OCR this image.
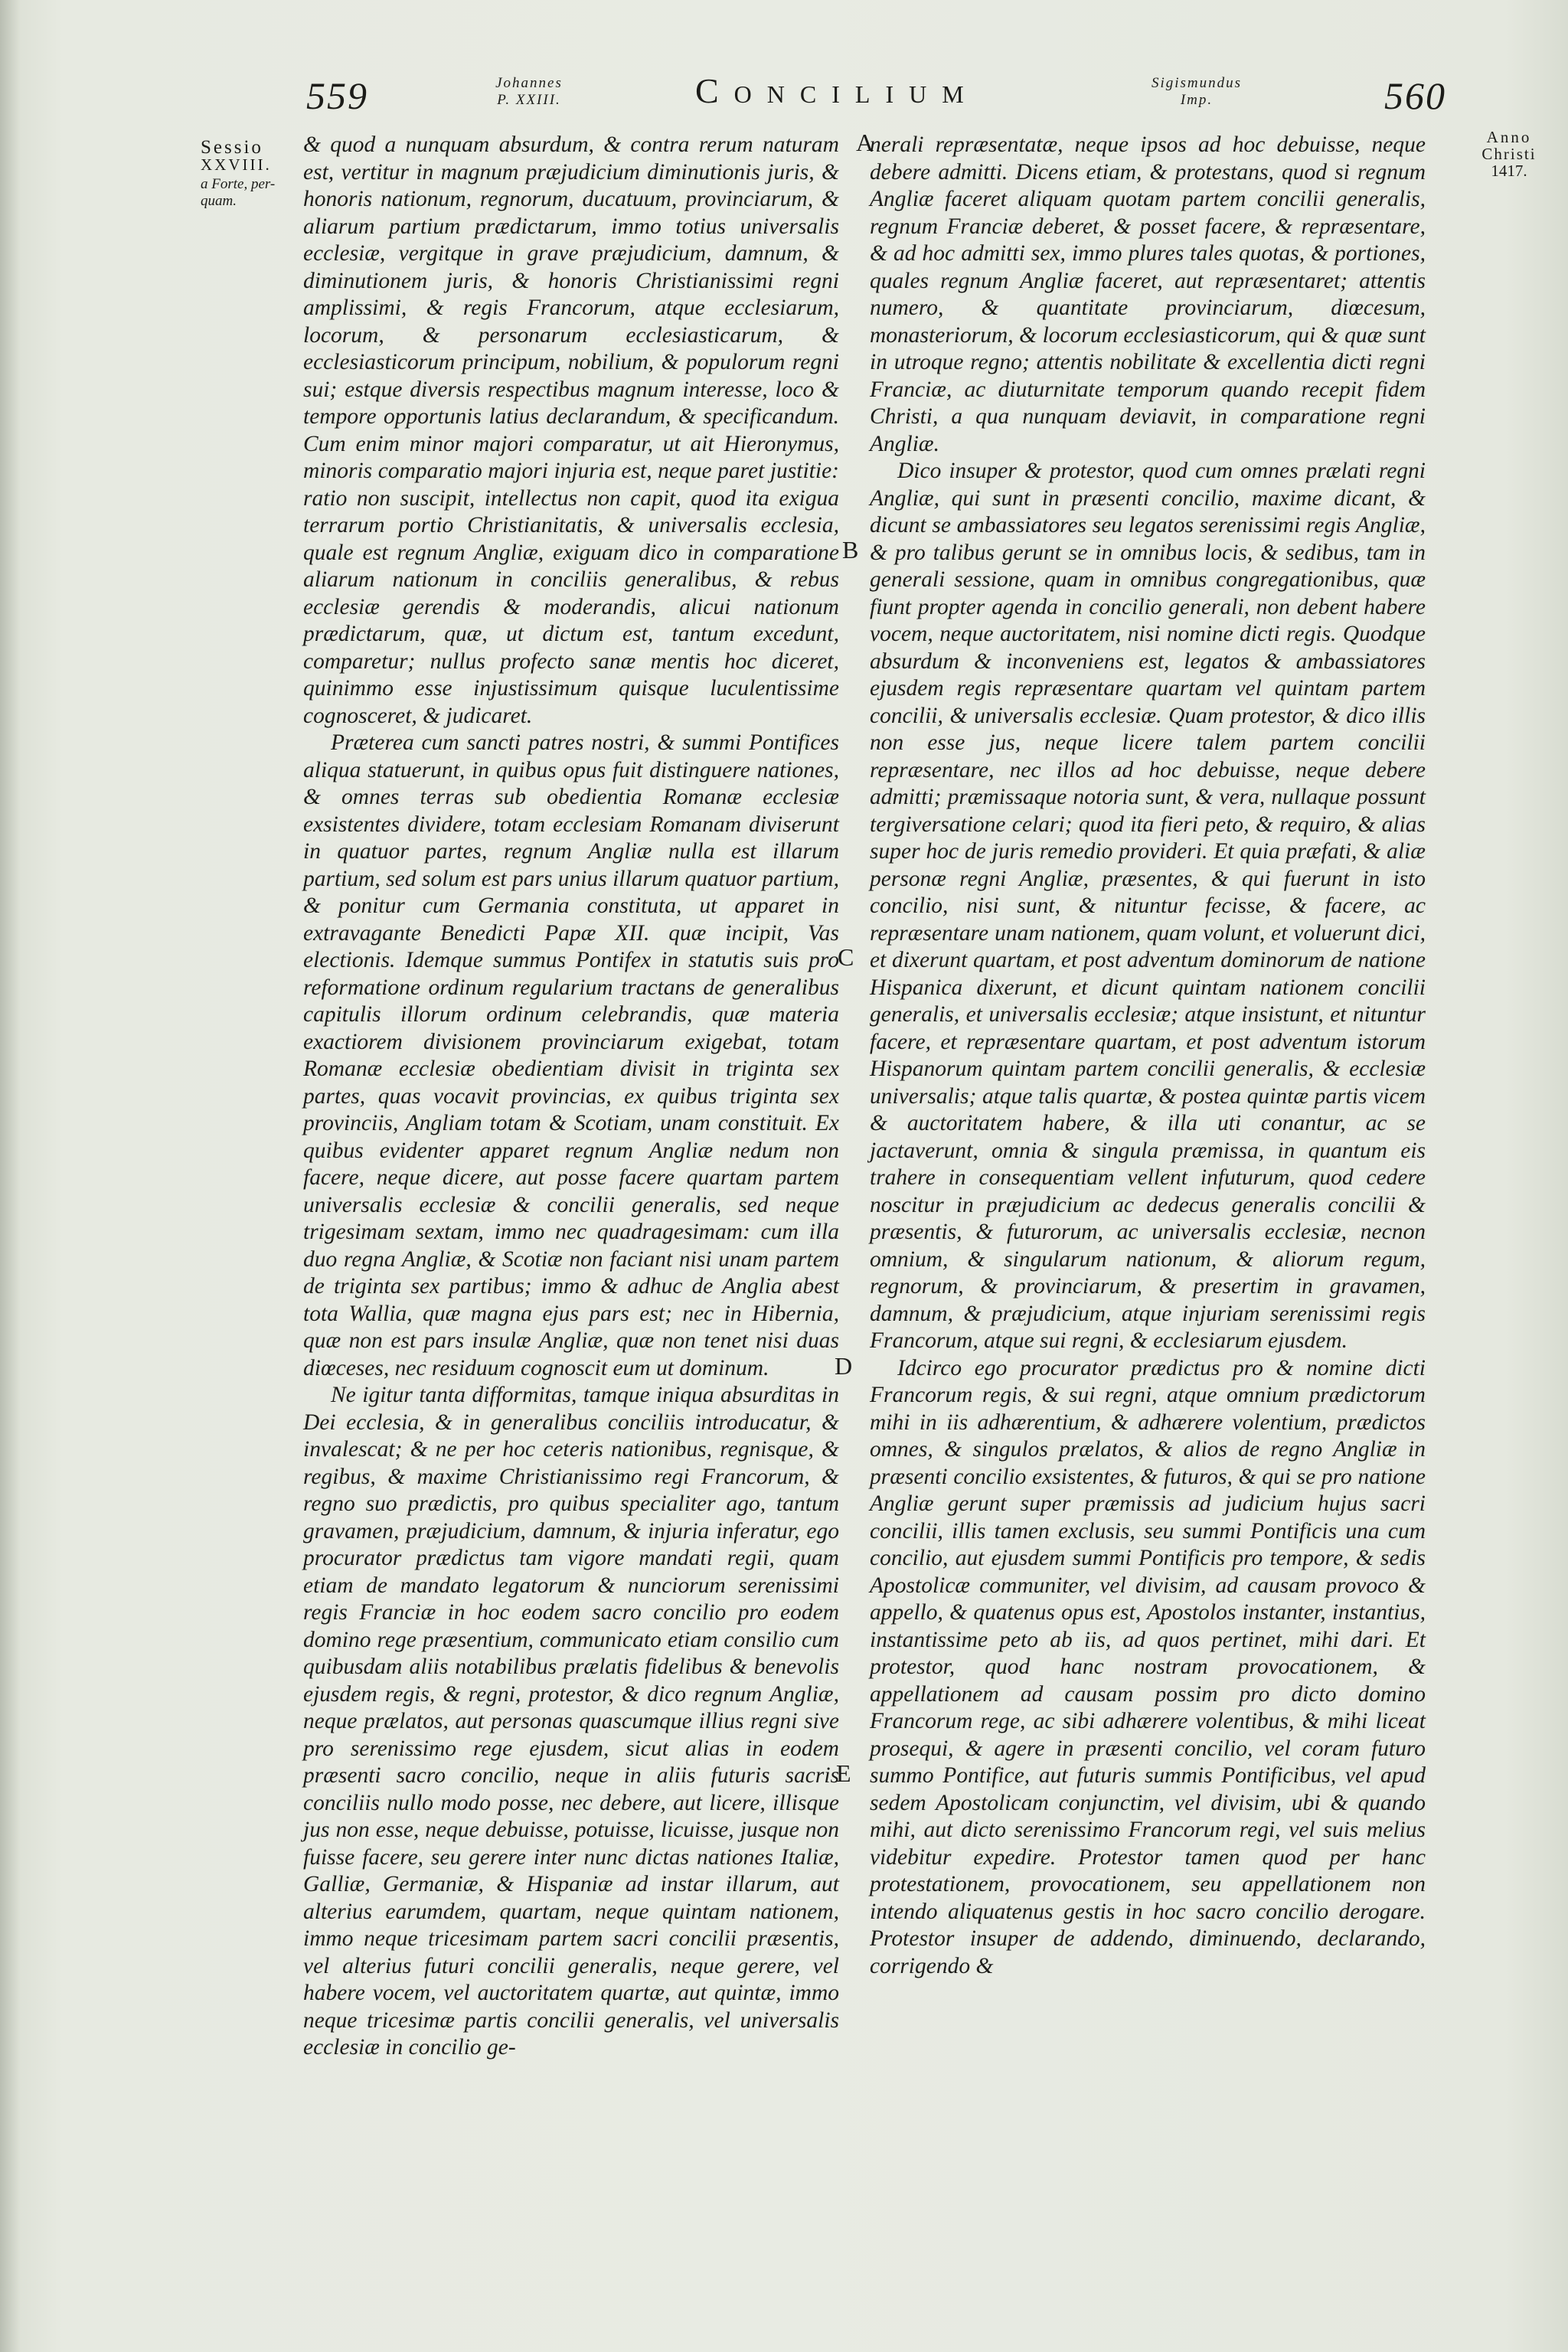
559	Johannes
P. XXIII.	Concilium	Sigismundus
Imp.	560
Sessio
XXVIII.
a Forte, per-
quam.
Anno
Christi
1417.
A
B
C
D
E

& quod a nunquam absurdum, & contra rerum naturam est, vertitur in magnum præjudicium diminutionis juris, & honoris nationum, regnorum, ducatuum, provinciarum, & aliarum partium prædictarum, immo totius universalis ecclesiæ, vergitque in grave præjudicium, damnum, & diminutionem juris, & honoris Christianissimi regni amplissimi, & regis Francorum, atque ecclesiarum, locorum, & personarum ecclesiasticarum, & ecclesiasticorum principum, nobilium, & populorum regni sui; estque diversis respectibus magnum interesse, loco & tempore opportunis latius declarandum, & specificandum. Cum enim minor majori comparatur, ut ait Hieronymus, minoris comparatio majori injuria est, neque paret justitie: ratio non suscipit, intellectus non capit, quod ita exigua terrarum portio Christianitatis, & universalis ecclesia, quale est regnum Angliæ, exiguam dico in comparatione aliarum nationum in conciliis generalibus, & rebus ecclesiæ gerendis & moderandis, alicui nationum prædictarum, quæ, ut dictum est, tantum excedunt, comparetur; nullus profecto sanæ mentis hoc diceret, quinimmo esse injustissimum quisque luculentissime cognosceret, & judicaret.

Præterea cum sancti patres nostri, & summi Pontifices aliqua statuerunt, in quibus opus fuit distinguere nationes, & omnes terras sub obedientia Romanæ ecclesiæ exsistentes dividere, totam ecclesiam Romanam diviserunt in quatuor partes, regnum Angliæ nulla est illarum partium, sed solum est pars unius illarum quatuor partium, & ponitur cum Germania constituta, ut apparet in extravagante Benedicti Papæ XII. quæ incipit, Vas electionis. Idemque summus Pontifex in statutis suis pro reformatione ordinum regularium tractans de generalibus capitulis illorum ordinum celebrandis, quæ materia exactiorem divisionem provinciarum exigebat, totam Romanæ ecclesiæ obedientiam divisit in triginta sex partes, quas vocavit provincias, ex quibus triginta sex provinciis, Angliam totam & Scotiam, unam constituit. Ex quibus evidenter apparet regnum Angliæ nedum non facere, neque dicere, aut posse facere quartam partem universalis ecclesiæ & concilii generalis, sed neque trigesimam sextam, immo nec quadragesimam: cum illa duo regna Angliæ, & Scotiæ non faciant nisi unam partem de triginta sex partibus; immo & adhuc de Anglia abest tota Wallia, quæ magna ejus pars est; nec in Hibernia, quæ non est pars insulæ Angliæ, quæ non tenet nisi duas diœceses, nec residuum cognoscit eum ut dominum.

Ne igitur tanta difformitas, tamque iniqua absurditas in Dei ecclesia, & in generalibus conciliis introducatur, & invalescat; & ne per hoc ceteris nationibus, regnisque, & regibus, & maxime Christianissimo regi Francorum, & regno suo prædictis, pro quibus specialiter ago, tantum gravamen, præjudicium, damnum, & injuria inferatur, ego procurator prædictus tam vigore mandati regii, quam etiam de mandato legatorum & nunciorum serenissimi regis Franciæ in hoc eodem sacro concilio pro eodem domino rege præsentium, communicato etiam consilio cum quibusdam aliis notabilibus prælatis fidelibus & benevolis ejusdem regis, & regni, protestor, & dico regnum Angliæ, neque prælatos, aut personas quascumque illius regni sive pro serenissimo rege ejusdem, sicut alias in eodem præsenti sacro concilio, neque in aliis futuris sacris conciliis nullo modo posse, nec debere, aut licere, illisque jus non esse, neque debuisse, potuisse, licuisse, jusque non fuisse facere, seu gerere inter nunc dictas nationes Italiæ, Galliæ, Germaniæ, & Hispaniæ ad instar illarum, aut alterius earumdem, quartam, neque quintam nationem, immo neque tricesimam partem sacri concilii præsentis, vel alterius futuri concilii generalis, neque gerere, vel habere vocem, vel auctoritatem quartæ, aut quintæ, immo neque tricesimæ partis concilii generalis, vel universalis ecclesiæ in concilio ge-

nerali repræsentatæ, neque ipsos ad hoc debuisse, neque debere admitti. Dicens etiam, & protestans, quod si regnum Angliæ faceret aliquam quotam partem concilii generalis, regnum Franciæ deberet, & posset facere, & repræsentare, & ad hoc admitti sex, immo plures tales quotas, & portiones, quales regnum Angliæ faceret, aut repræsentaret; attentis numero, & quantitate provinciarum, diœcesum, monasteriorum, & locorum ecclesiasticorum, qui & quæ sunt in utroque regno; attentis nobilitate & excellentia dicti regni Franciæ, ac diuturnitate temporum quando recepit fidem Christi, a qua nunquam deviavit, in comparatione regni Angliæ.

Dico insuper & protestor, quod cum omnes prælati regni Angliæ, qui sunt in præsenti concilio, maxime dicant, & dicunt se ambassiatores seu legatos serenissimi regis Angliæ, & pro talibus gerunt se in omnibus locis, & sedibus, tam in generali sessione, quam in omnibus congregationibus, quæ fiunt propter agenda in concilio generali, non debent habere vocem, neque auctoritatem, nisi nomine dicti regis. Quodque absurdum & inconveniens est, legatos & ambassiatores ejusdem regis repræsentare quartam vel quintam partem concilii, & universalis ecclesiæ. Quam protestor, & dico illis non esse jus, neque licere talem partem concilii repræsentare, nec illos ad hoc debuisse, neque debere admitti; præmissaque notoria sunt, & vera, nullaque possunt tergiversatione celari; quod ita fieri peto, & requiro, & alias super hoc de juris remedio provideri. Et quia præfati, & aliæ personæ regni Angliæ, præsentes, & qui fuerunt in isto concilio, nisi sunt, & nituntur fecisse, & facere, ac repræsentare unam nationem, quam volunt, et voluerunt dici, et dixerunt quartam, et post adventum dominorum de natione Hispanica dixerunt, et dicunt quintam nationem concilii generalis, et universalis ecclesiæ; atque insistunt, et nituntur facere, et repræsentare quartam, et post adventum istorum Hispanorum quintam partem concilii generalis, & ecclesiæ universalis; atque talis quartæ, & postea quintæ partis vicem & auctoritatem habere, & illa uti conantur, ac se jactaverunt, omnia & singula præmissa, in quantum eis trahere in consequentiam vellent infuturum, quod cedere noscitur in præjudicium ac dedecus generalis concilii & præsentis, & futurorum, ac universalis ecclesiæ, necnon omnium, & singularum nationum, & aliorum regum, regnorum, & provinciarum, & presertim in gravamen, damnum, & præjudicium, atque injuriam serenissimi regis Francorum, atque sui regni, & ecclesiarum ejusdem.

Idcirco ego procurator prædictus pro & nomine dicti Francorum regis, & sui regni, atque omnium prædictorum mihi in iis adhærentium, & adhærere volentium, prædictos omnes, & singulos prælatos, & alios de regno Angliæ in præsenti concilio exsistentes, & futuros, & qui se pro natione Angliæ gerunt super præmissis ad judicium hujus sacri concilii, illis tamen exclusis, seu summi Pontificis una cum concilio, aut ejusdem summi Pontificis pro tempore, & sedis Apostolicæ communiter, vel divisim, ad causam provoco & appello, & quatenus opus est, Apostolos instanter, instantius, instantissime peto ab iis, ad quos pertinet, mihi dari. Et protestor, quod hanc nostram provocationem, & appellationem ad causam possim pro dicto domino Francorum rege, ac sibi adhærere volentibus, & mihi liceat prosequi, & agere in præsenti concilio, vel coram futuro summo Pontifice, aut futuris summis Pontificibus, vel apud sedem Apostolicam conjunctim, vel divisim, ubi & quando mihi, aut dicto serenissimo Francorum regi, vel suis melius videbitur expedire. Protestor tamen quod per hanc protestationem, provocationem, seu appellationem non intendo aliquatenus gestis in hoc sacro concilio derogare. Protestor insuper de addendo, diminuendo, declarando, corrigendo &
